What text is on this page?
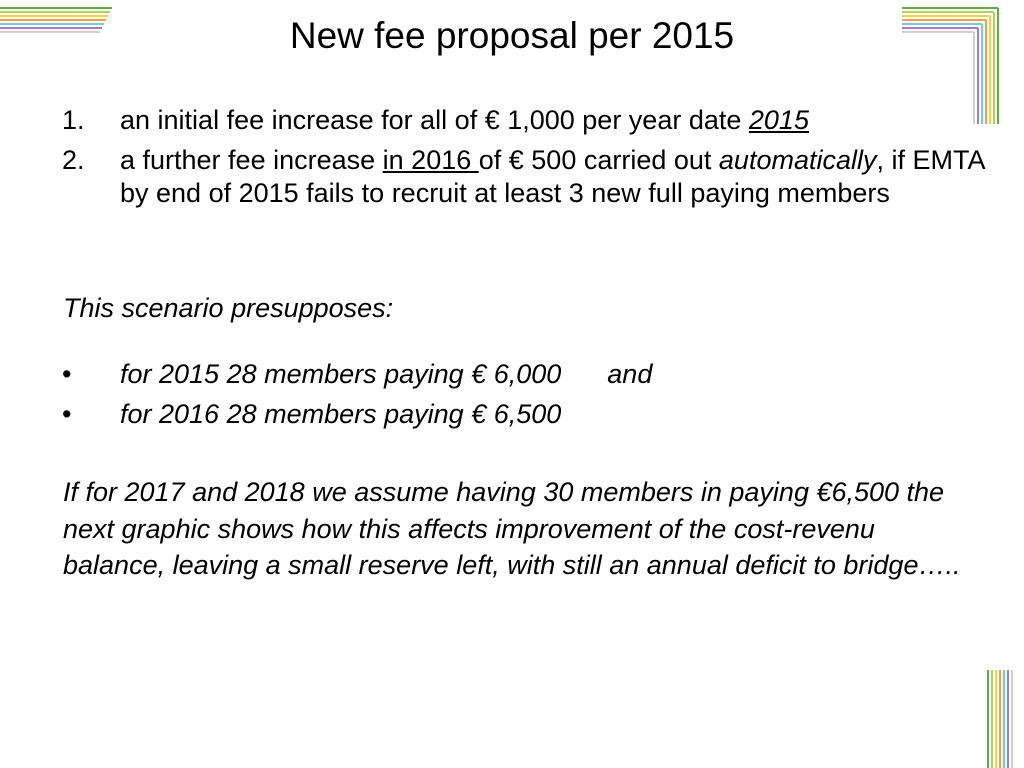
New fee proposal per 2015
1.	an initial fee increase for all of € 1,000 per year date 2015
2.	a further fee increase in 2016 of € 500 carried out automatically, if EMTA by end of 2015 fails to recruit at least 3 new full paying members

This scenario presupposes:

•	for 2015 28 members paying € 6,000 and
•	for 2016 28 members paying € 6,500

If for 2017 and 2018 we assume having 30 members in paying €6,500 the next graphic shows how this affects improvement of the cost-revenu balance, leaving a small reserve left, with still an annual deficit to bridge…..
